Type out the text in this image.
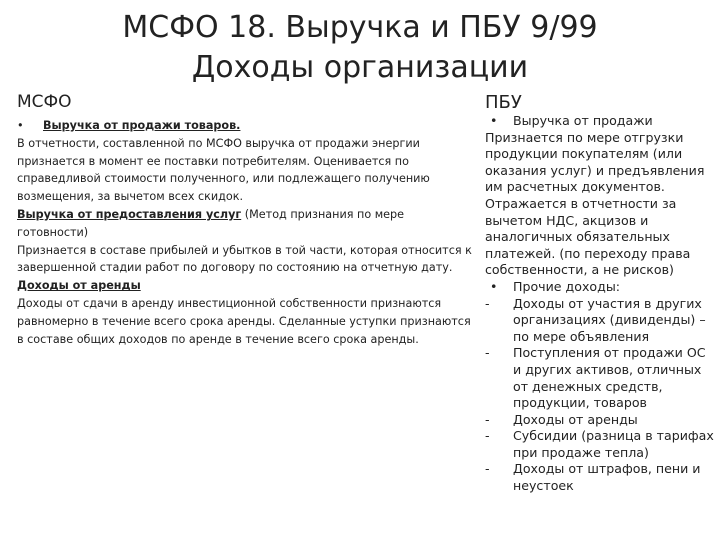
МСФО 18. Выручка и ПБУ 9/99
Доходы организации
МСФО	ПБУ
•	Выручка от продажи товаров.

В отчетности, составленной по МСФО выручка от продажи энергии признается в момент ее поставки потребителям. Оценивается по справедливой стоимости полученного, или подлежащего получению возмещения, за вычетом всех скидок.

Выручка от предоставления услуг (Метод признания по мере готовности)

Признается в составе прибылей и убытков в той части, которая относится к завершенной стадии работ по договору по состоянию на отчетную дату.

Доходы от аренды

Доходы от сдачи в аренду инвестиционной собственности признаются равномерно в течение всего срока аренды. Сделанные уступки признаются в составе общих доходов по аренде в течение всего срока аренды.

•	Выручка от продажи

Признается по мере отгрузки продукции покупателям (или оказания услуг) и предъявления им расчетных документов. Отражается в отчетности за вычетом НДС, акцизов и аналогичных обязательных платежей. (по переходу права собственности, а не рисков)

•	Прочие доходы:
-	Доходы от участия в других организациях (дивиденды) – по мере объявления
-	Поступления от продажи ОС и других активов, отличных от денежных средств, продукции, товаров
-	Доходы от аренды
-	Субсидии (разница в тарифах при продаже тепла)
-	Доходы от штрафов, пени и неустоек
